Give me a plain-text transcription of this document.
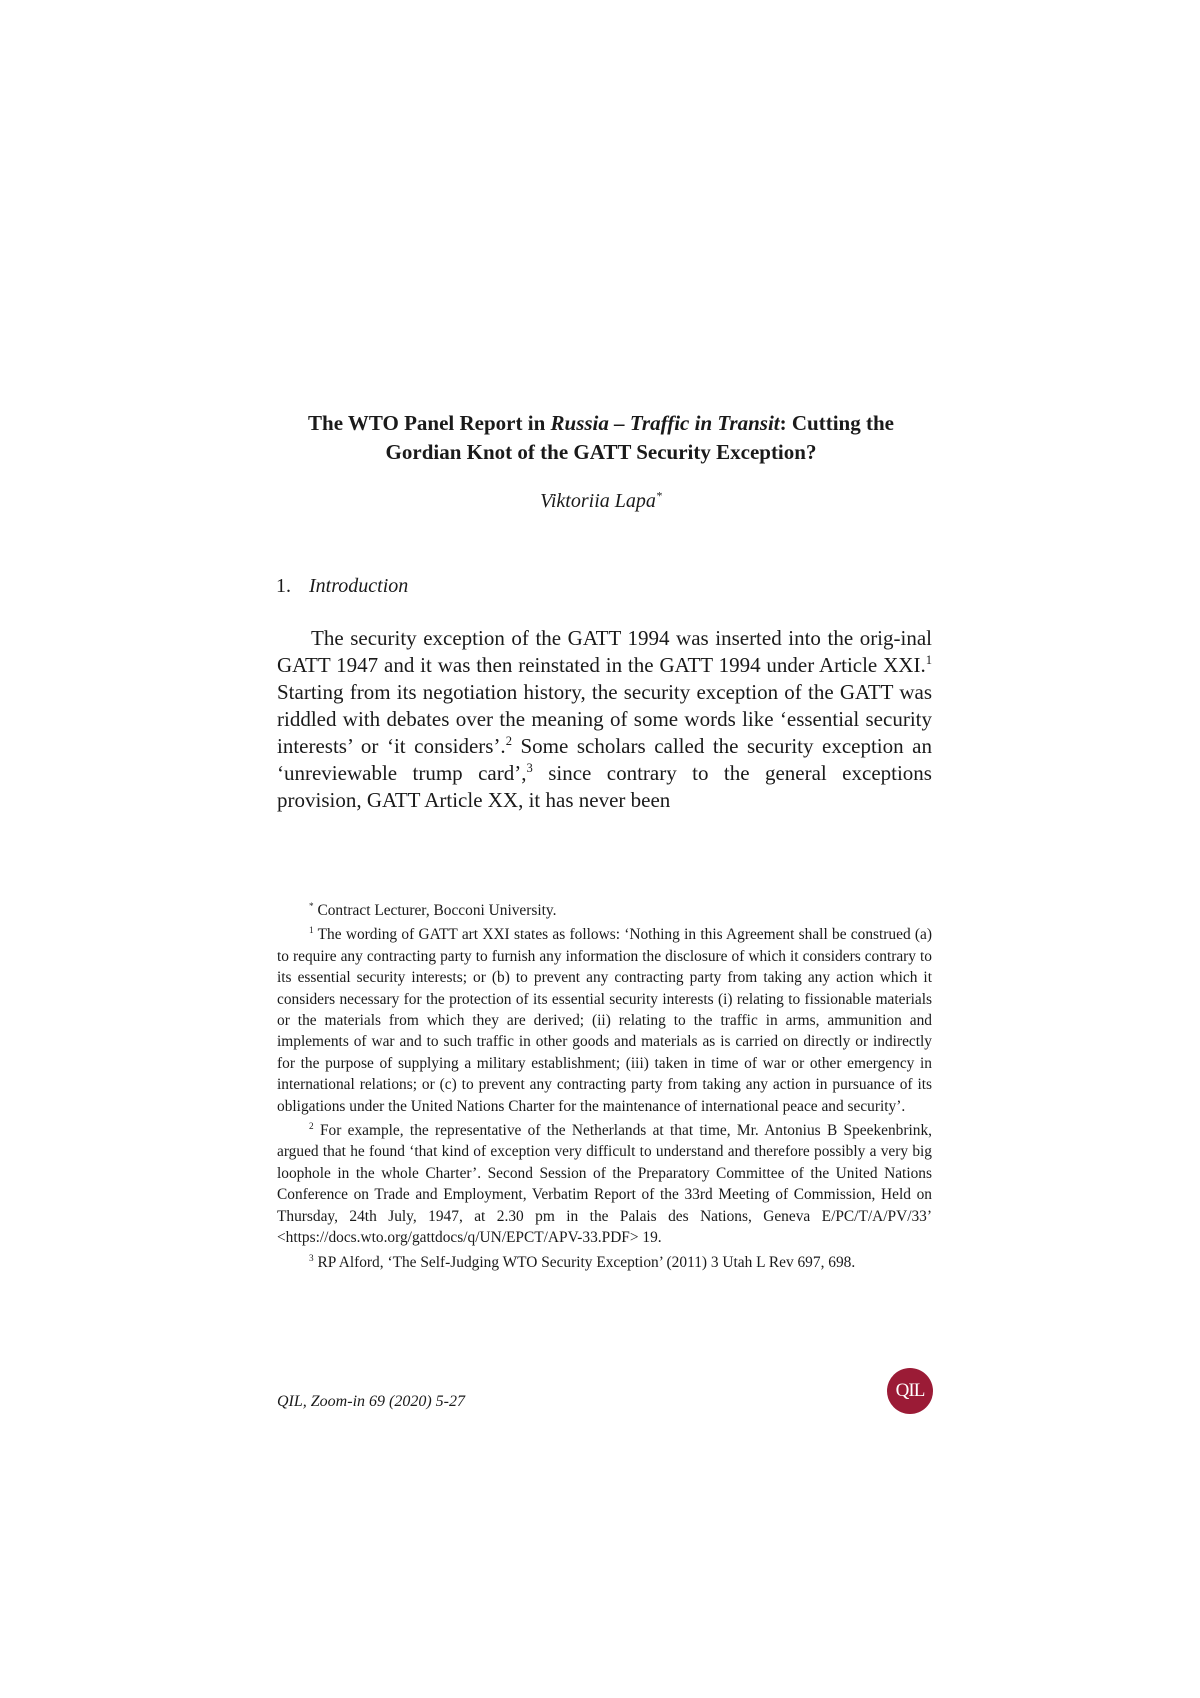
The WTO Panel Report in Russia – Traffic in Transit: Cutting the Gordian Knot of the GATT Security Exception?
Viktoriia Lapa*
1. Introduction

The security exception of the GATT 1994 was inserted into the orig-inal GATT 1947 and it was then reinstated in the GATT 1994 under Article XXI.$^1$ Starting from its negotiation history, the security exception of the GATT was riddled with debates over the meaning of some words like ‘essential security interests’ or ‘it considers’.$^2$ Some scholars called the security exception an ‘unreviewable trump card’,$^3$ since contrary to the general exceptions provision, GATT Article XX, it has never been

* Contract Lecturer, Bocconi University.

$^1$ The wording of GATT art XXI states as follows: ‘Nothing in this Agreement shall be construed (a) to require any contracting party to furnish any information the disclosure of which it considers contrary to its essential security interests; or (b) to prevent any contracting party from taking any action which it considers necessary for the protection of its essential security interests (i) relating to fissionable materials or the materials from which they are derived; (ii) relating to the traffic in arms, ammunition and implements of war and to such traffic in other goods and materials as is carried on directly or indirectly for the purpose of supplying a military establishment; (iii) taken in time of war or other emergency in international relations; or (c) to prevent any contracting party from taking any action in pursuance of its obligations under the United Nations Charter for the maintenance of international peace and security’.

$^2$ For example, the representative of the Netherlands at that time, Mr. Antonius B Speekenbrink, argued that he found ‘that kind of exception very difficult to understand and therefore possibly a very big loophole in the whole Charter’. Second Session of the Preparatory Committee of the United Nations Conference on Trade and Employment, Verbatim Report of the 33rd Meeting of Commission, Held on Thursday, 24th July, 1947, at 2.30 pm in the Palais des Nations, Geneva E/PC/T/A/PV/33’ <https://docs.wto.org/gattdocs/q/UN/EPCT/APV-33.PDF> 19.

$^3$ RP Alford, ‘The Self-Judging WTO Security Exception’ (2011) 3 Utah L Rev 697, 698.

QIL, Zoom-in 69 (2020) 5-27
QIL
